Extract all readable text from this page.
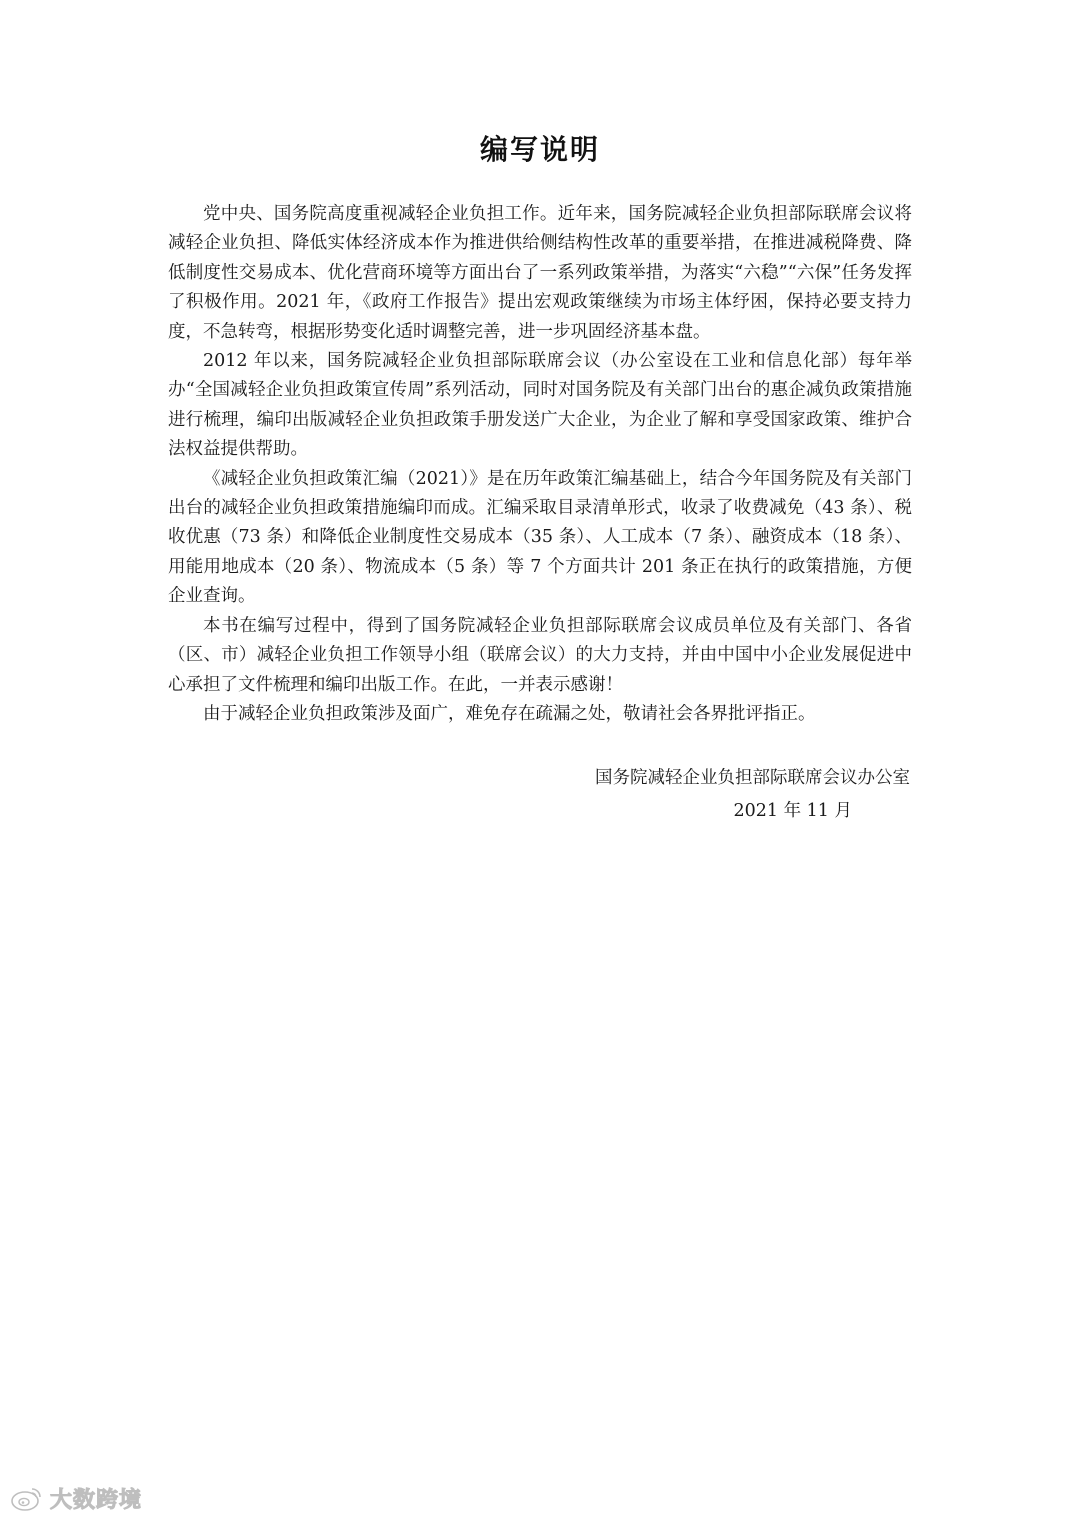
编写说明

党中央、国务院高度重视减轻企业负担工作。近年来，国务院减轻企业负担部际联席会议将减轻企业负担、降低实体经济成本作为推进供给侧结构性改革的重要举措，在推进减税降费、降低制度性交易成本、优化营商环境等方面出台了一系列政策举措，为落实“六稳”“六保”任务发挥了积极作用。2021 年，《政府工作报告》提出宏观政策继续为市场主体纾困，保持必要支持力度，不急转弯，根据形势变化适时调整完善，进一步巩固经济基本盘。

2012 年以来，国务院减轻企业负担部际联席会议（办公室设在工业和信息化部）每年举办“全国减轻企业负担政策宣传周”系列活动，同时对国务院及有关部门出台的惠企减负政策措施进行梳理，编印出版减轻企业负担政策手册发送广大企业，为企业了解和享受国家政策、维护合法权益提供帮助。

《减轻企业负担政策汇编（2021）》是在历年政策汇编基础上，结合今年国务院及有关部门出台的减轻企业负担政策措施编印而成。汇编采取目录清单形式，收录了收费减免（43 条）、税收优惠（73 条）和降低企业制度性交易成本（35 条）、人工成本（7 条）、融资成本（18 条）、用能用地成本（20 条）、物流成本（5 条）等 7 个方面共计 201 条正在执行的政策措施，方便企业查询。

本书在编写过程中，得到了国务院减轻企业负担部际联席会议成员单位及有关部门、各省（区、市）减轻企业负担工作领导小组（联席会议）的大力支持，并由中国中小企业发展促进中心承担了文件梳理和编印出版工作。在此，一并表示感谢！

由于减轻企业负担政策涉及面广，难免存在疏漏之处，敬请社会各界批评指正。

国务院减轻企业负担部际联席会议办公室
2021 年 11 月
大数跨境
